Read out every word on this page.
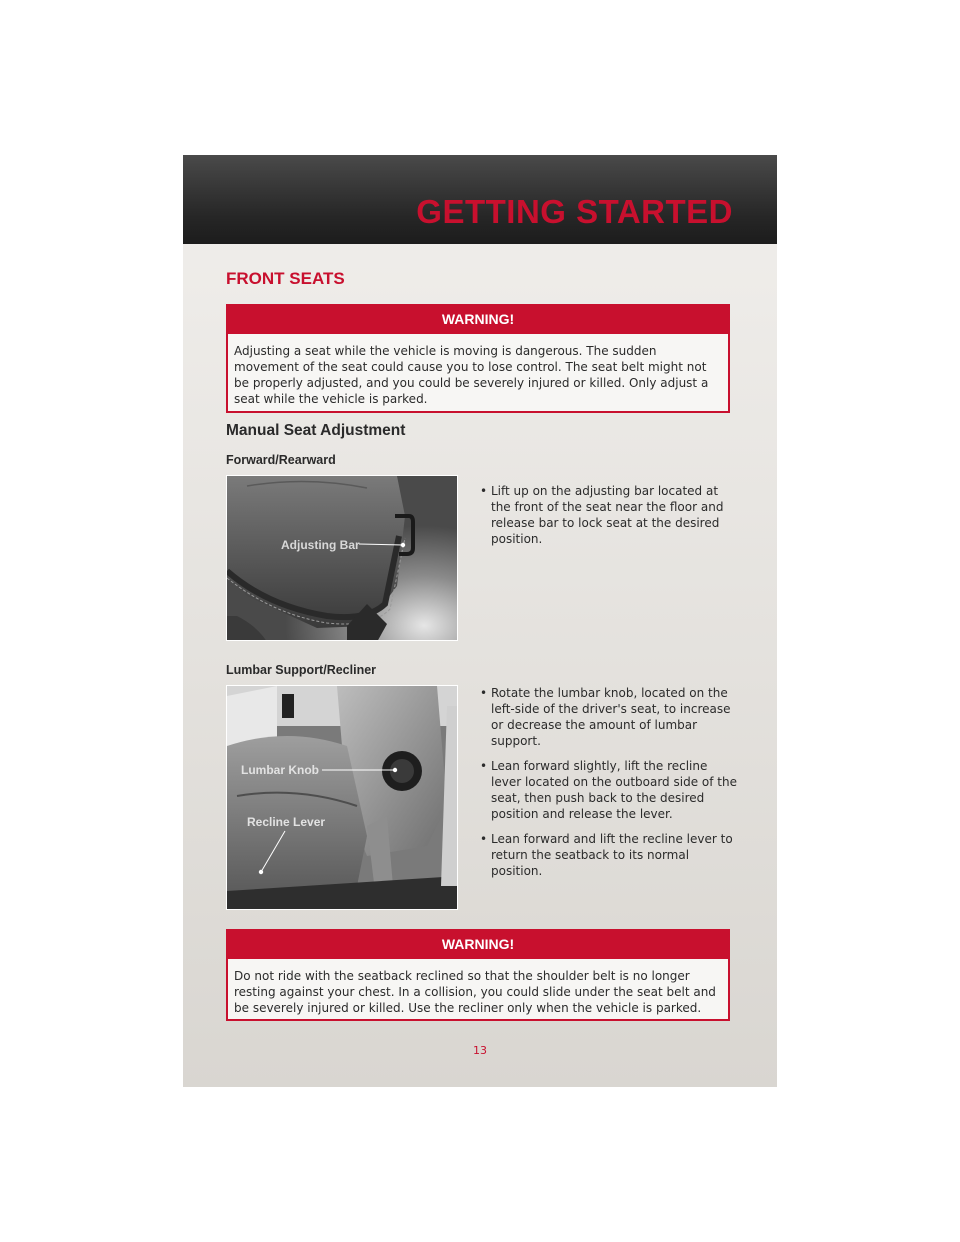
GETTING STARTED
FRONT SEATS
WARNING!
Adjusting a seat while the vehicle is moving is dangerous. The sudden movement of the seat could cause you to lose control. The seat belt might not be properly adjusted, and you could be severely injured or killed. Only adjust a seat while the vehicle is parked.
Manual Seat Adjustment
Forward/Rearward
Adjusting Bar
• Lift up on the adjusting bar located at the front of the seat near the floor and release bar to lock seat at the desired position.
Lumbar Support/Recliner
Lumbar Knob
Recline Lever
• Rotate the lumbar knob, located on the left-side of the driver's seat, to increase or decrease the amount of lumbar support.
• Lean forward slightly, lift the recline lever located on the outboard side of the seat, then push back to the desired position and release the lever.
• Lean forward and lift the recline lever to return the seatback to its normal position.
WARNING!
Do not ride with the seatback reclined so that the shoulder belt is no longer resting against your chest. In a collision, you could slide under the seat belt and be severely injured or killed. Use the recliner only when the vehicle is parked.
13
